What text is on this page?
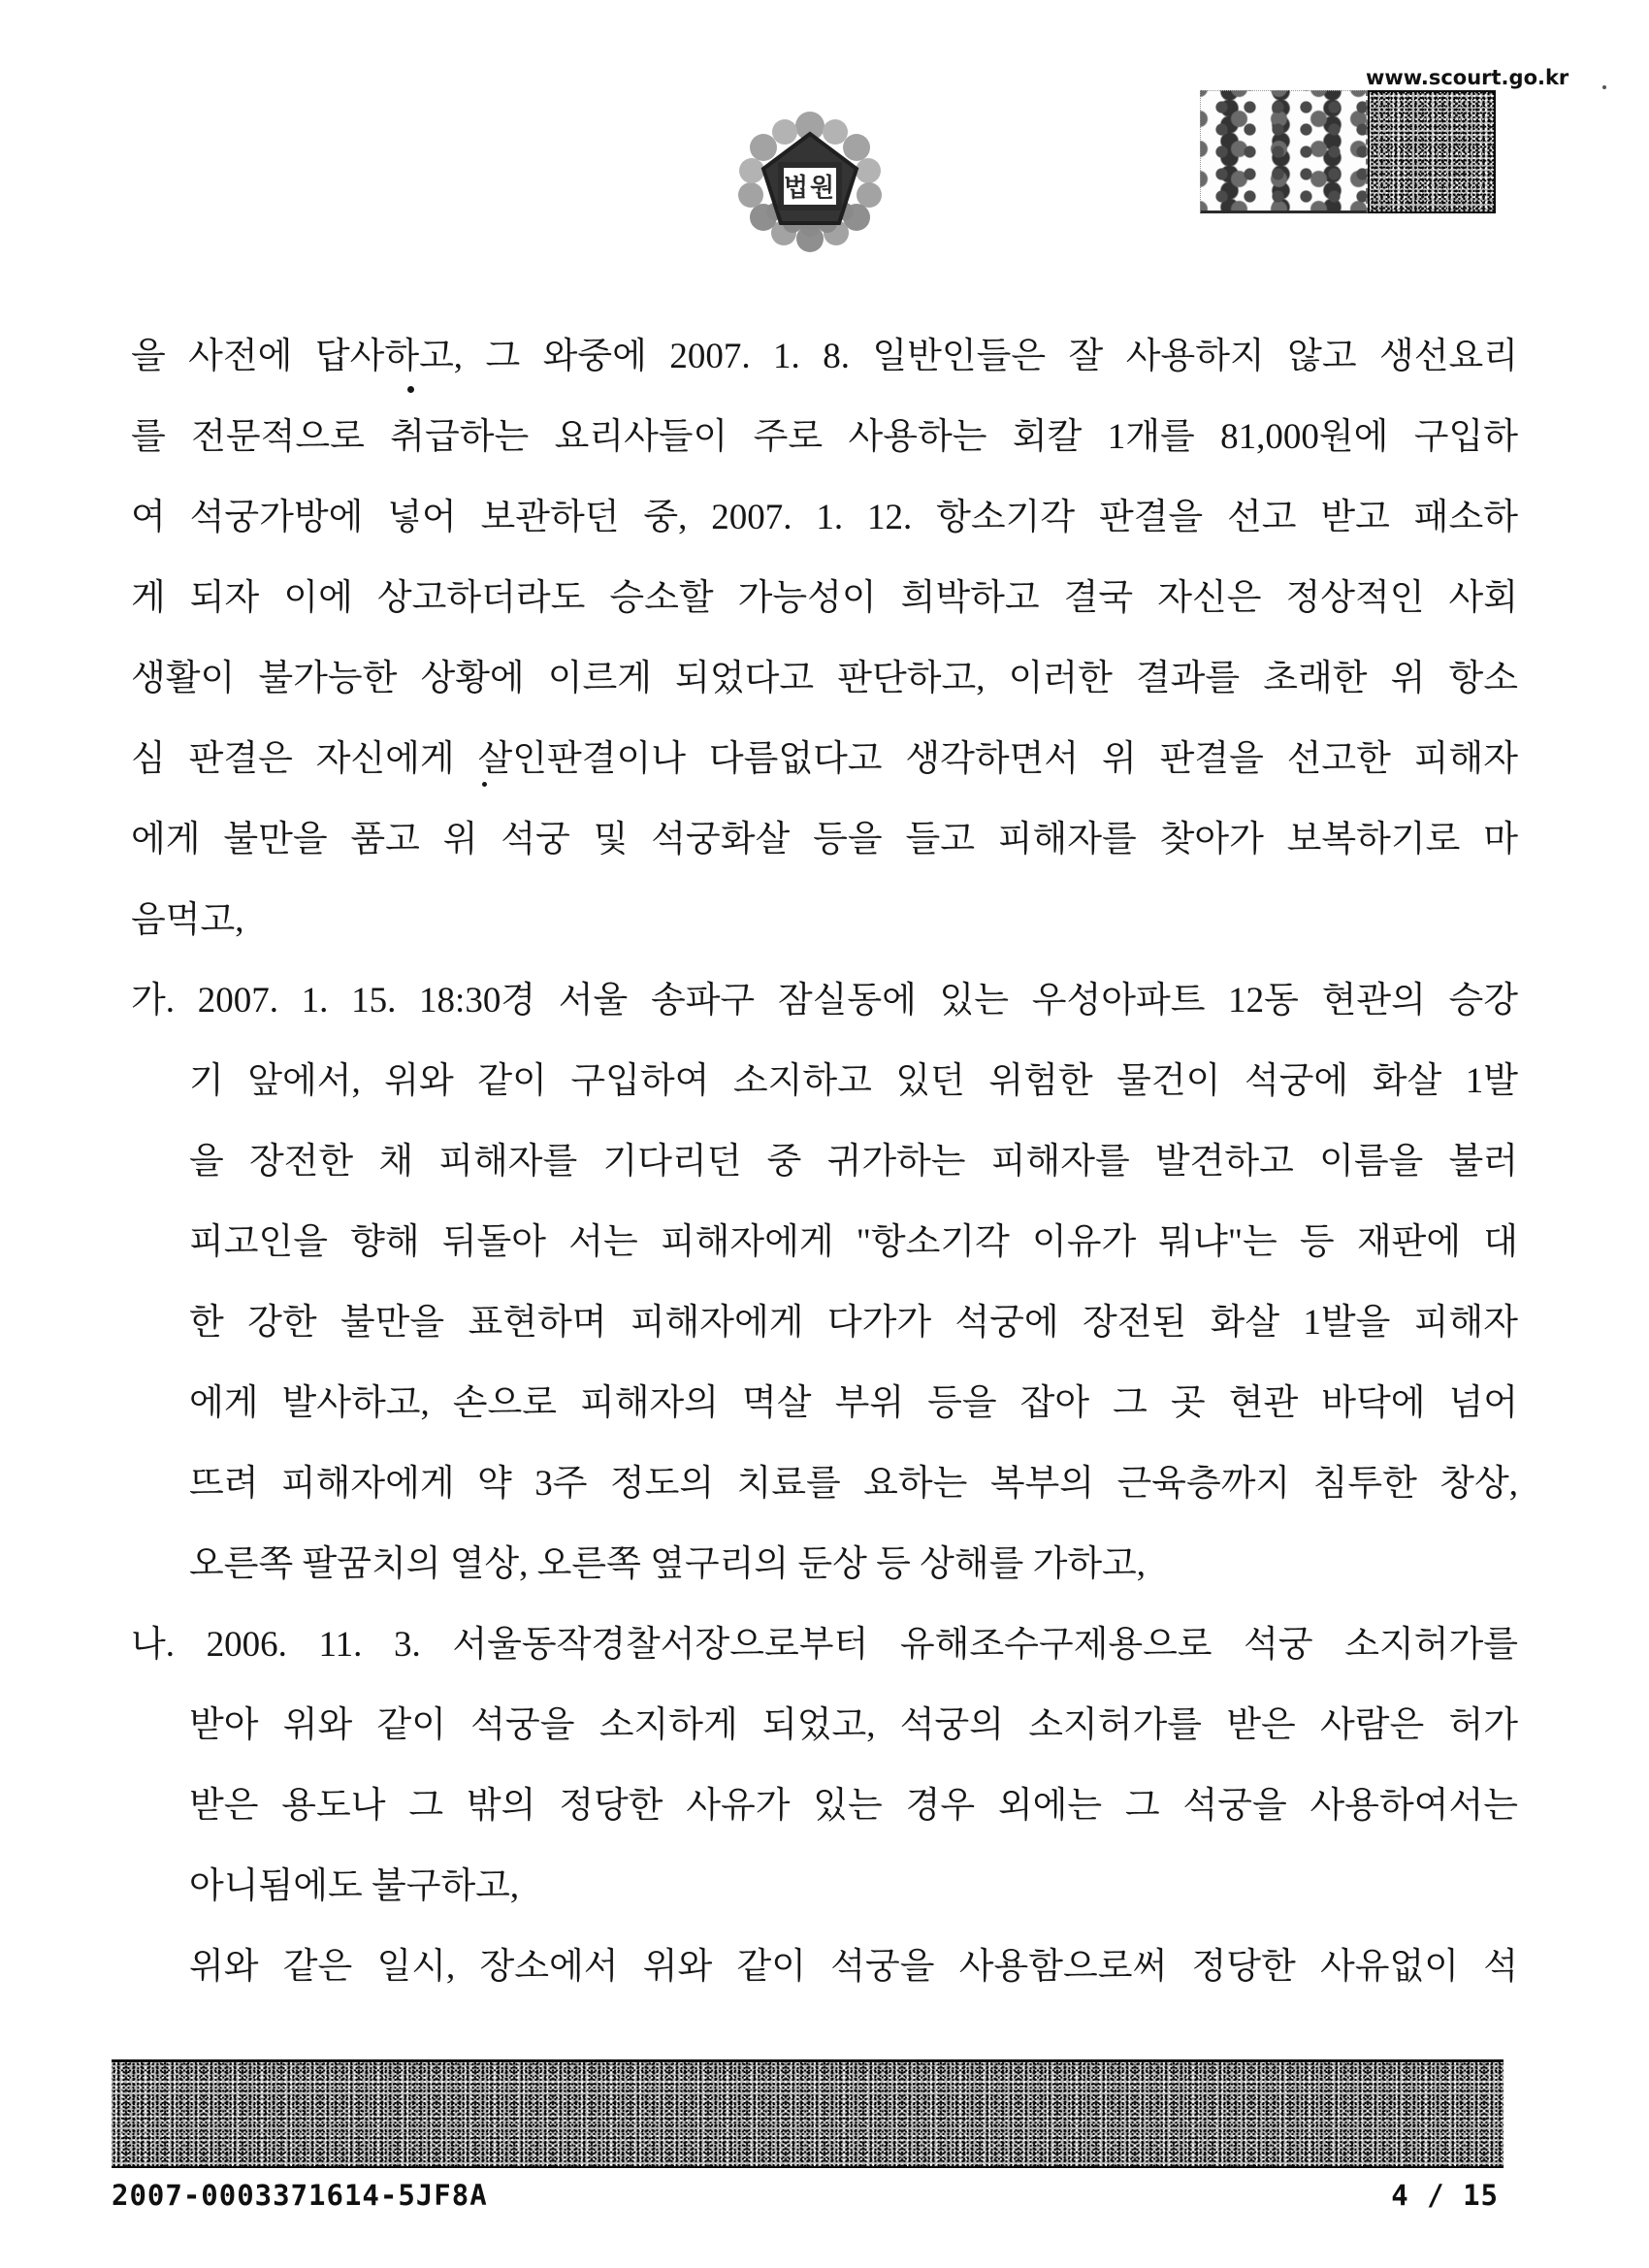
법원
www.scourt.go.kr
을 사전에 답사하고, 그 와중에 2007. 1. 8. 일반인들은 잘 사용하지 않고 생선요리
를 전문적으로 취급하는 요리사들이 주로 사용하는 회칼 1개를 81,000원에 구입하
여 석궁가방에 넣어 보관하던 중, 2007. 1. 12. 항소기각 판결을 선고 받고 패소하
게 되자 이에 상고하더라도 승소할 가능성이 희박하고 결국 자신은 정상적인 사회
생활이 불가능한 상황에 이르게 되었다고 판단하고, 이러한 결과를 초래한 위 항소
심 판결은 자신에게 살인판결이나 다름없다고 생각하면서 위 판결을 선고한 피해자
에게 불만을 품고 위 석궁 및 석궁화살 등을 들고 피해자를 찾아가 보복하기로 마
음먹고,
가. 2007. 1. 15. 18:30경 서울 송파구 잠실동에 있는 우성아파트 12동 현관의 승강
기 앞에서, 위와 같이 구입하여 소지하고 있던 위험한 물건이 석궁에 화살 1발
을 장전한 채 피해자를 기다리던 중 귀가하는 피해자를 발견하고 이름을 불러
피고인을 향해 뒤돌아 서는 피해자에게 "항소기각 이유가 뭐냐"는 등 재판에 대
한 강한 불만을 표현하며 피해자에게 다가가 석궁에 장전된 화살 1발을 피해자
에게 발사하고, 손으로 피해자의 멱살 부위 등을 잡아 그 곳 현관 바닥에 넘어
뜨려 피해자에게 약 3주 정도의 치료를 요하는 복부의 근육층까지 침투한 창상,
오른쪽 팔꿈치의 열상, 오른쪽 옆구리의 둔상 등 상해를 가하고,
나. 2006. 11. 3. 서울동작경찰서장으로부터 유해조수구제용으로 석궁 소지허가를
받아 위와 같이 석궁을 소지하게 되었고, 석궁의 소지허가를 받은 사람은 허가
받은 용도나 그 밖의 정당한 사유가 있는 경우 외에는 그 석궁을 사용하여서는
아니됨에도 불구하고,
위와 같은 일시, 장소에서 위와 같이 석궁을 사용함으로써 정당한 사유없이 석
2007-0003371614-5JF8A	4 / 15
